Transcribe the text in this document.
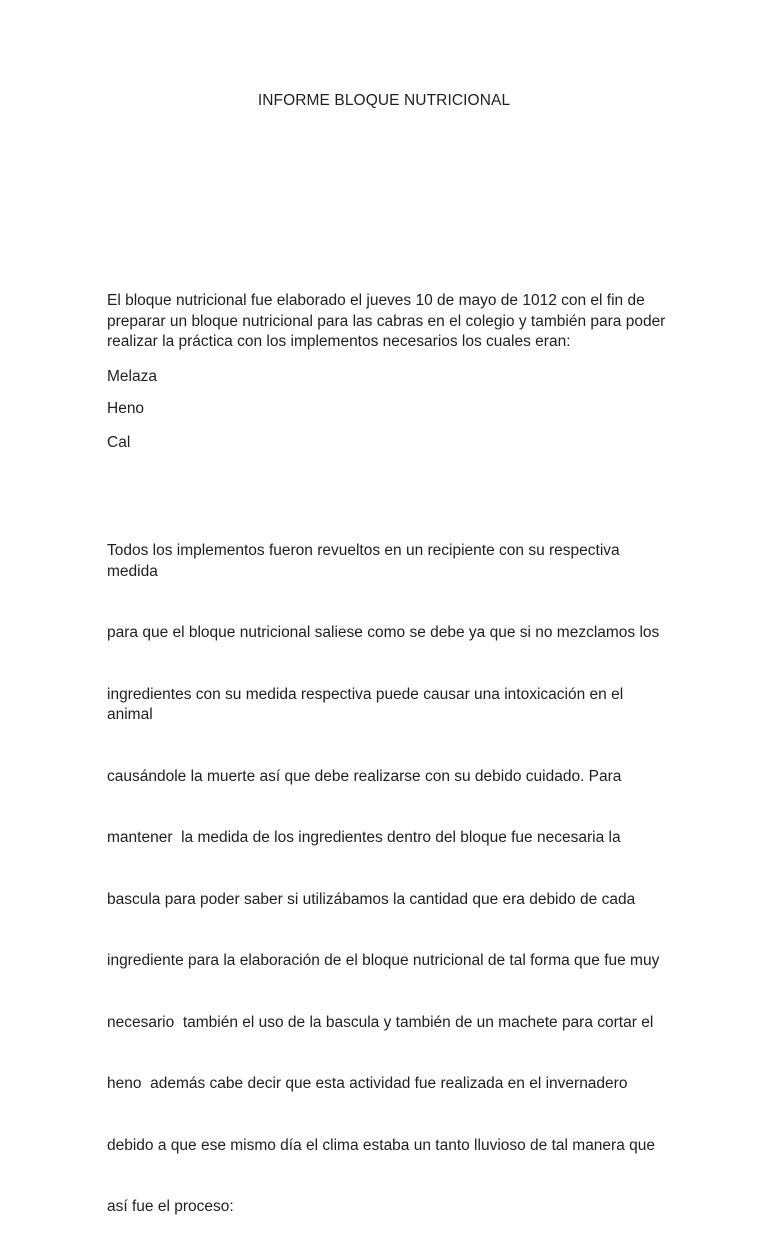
INFORME BLOQUE NUTRICIONAL
El bloque nutricional fue elaborado el jueves 10 de mayo de 1012 con el fin de
preparar un bloque nutricional para las cabras en el colegio y también para poder
realizar la práctica con los implementos necesarios los cuales eran:
Melaza
Heno
Cal

Todos los implementos fueron revueltos en un recipiente con su respectiva medida

para que el bloque nutricional saliese como se debe ya que si no mezclamos los

ingredientes con su medida respectiva puede causar una intoxicación en el animal

causándole la muerte así que debe realizarse con su debido cuidado. Para

mantener  la medida de los ingredientes dentro del bloque fue necesaria la

bascula para poder saber si utilizábamos la cantidad que era debido de cada

ingrediente para la elaboración de el bloque nutricional de tal forma que fue muy

necesario  también el uso de la bascula y también de un machete para cortar el

heno  además cabe decir que esta actividad fue realizada en el invernadero

debido a que ese mismo día el clima estaba un tanto lluvioso de tal manera que

así fue el proceso:
